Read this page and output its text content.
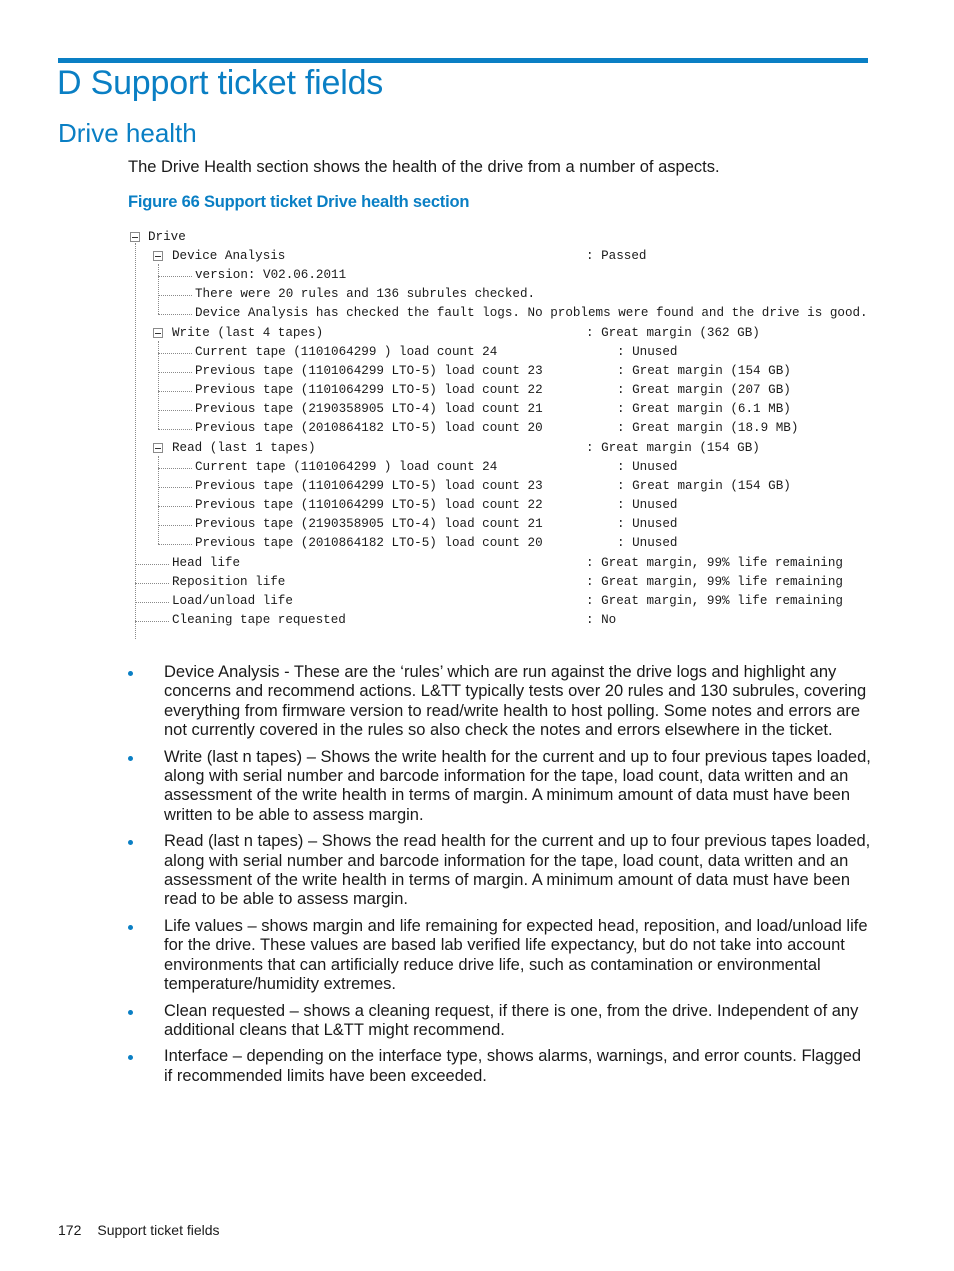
D Support ticket fields
Drive health

The Drive Health section shows the health of the drive from a number of aspects.

Figure 66 Support ticket Drive health section

Drive
Device Analysis	: Passed
version: V02.06.2011
There were 20 rules and 136 subrules checked.
Device Analysis has checked the fault logs. No problems were found and the drive is good.
Write (last 4 tapes)	: Great margin (362 GB)
Current tape (1101064299 ) load count 24	: Unused
Previous tape (1101064299 LTO-5) load count 23	: Great margin (154 GB)
Previous tape (1101064299 LTO-5) load count 22	: Great margin (207 GB)
Previous tape (2190358905 LTO-4) load count 21	: Great margin (6.1 MB)
Previous tape (2010864182 LTO-5) load count 20	: Great margin (18.9 MB)
Read (last 1 tapes)	: Great margin (154 GB)
Current tape (1101064299 ) load count 24	: Unused
Previous tape (1101064299 LTO-5) load count 23	: Great margin (154 GB)
Previous tape (1101064299 LTO-5) load count 22	: Unused
Previous tape (2190358905 LTO-4) load count 21	: Unused
Previous tape (2010864182 LTO-5) load count 20	: Unused
Head life	: Great margin, 99% life remaining
Reposition life	: Great margin, 99% life remaining
Load/unload life	: Great margin, 99% life remaining
Cleaning tape requested	: No
Device Analysis - These are the ‘rules’ which are run against the drive logs and highlight any concerns and recommend actions. L&TT typically tests over 20 rules and 130 subrules, covering everything from firmware version to read/write health to host polling. Some notes and errors are not currently covered in the rules so also check the notes and errors elsewhere in the ticket.
Write (last n tapes) – Shows the write health for the current and up to four previous tapes loaded, along with serial number and barcode information for the tape, load count, data written and an assessment of the write health in terms of margin. A minimum amount of data must have been written to be able to assess margin.
Read (last n tapes) – Shows the read health for the current and up to four previous tapes loaded, along with serial number and barcode information for the tape, load count, data written and an assessment of the write health in terms of margin. A minimum amount of data must have been read to be able to assess margin.
Life values – shows margin and life remaining for expected head, reposition, and load/unload life for the drive. These values are based lab verified life expectancy, but do not take into account environments that can artificially reduce drive life, such as contamination or environmental temperature/humidity extremes.
Clean requested – shows a cleaning request, if there is one, from the drive. Independent of any additional cleans that L&TT might recommend.
Interface – depending on the interface type, shows alarms, warnings, and error counts. Flagged if recommended limits have been exceeded.
172 Support ticket fields
